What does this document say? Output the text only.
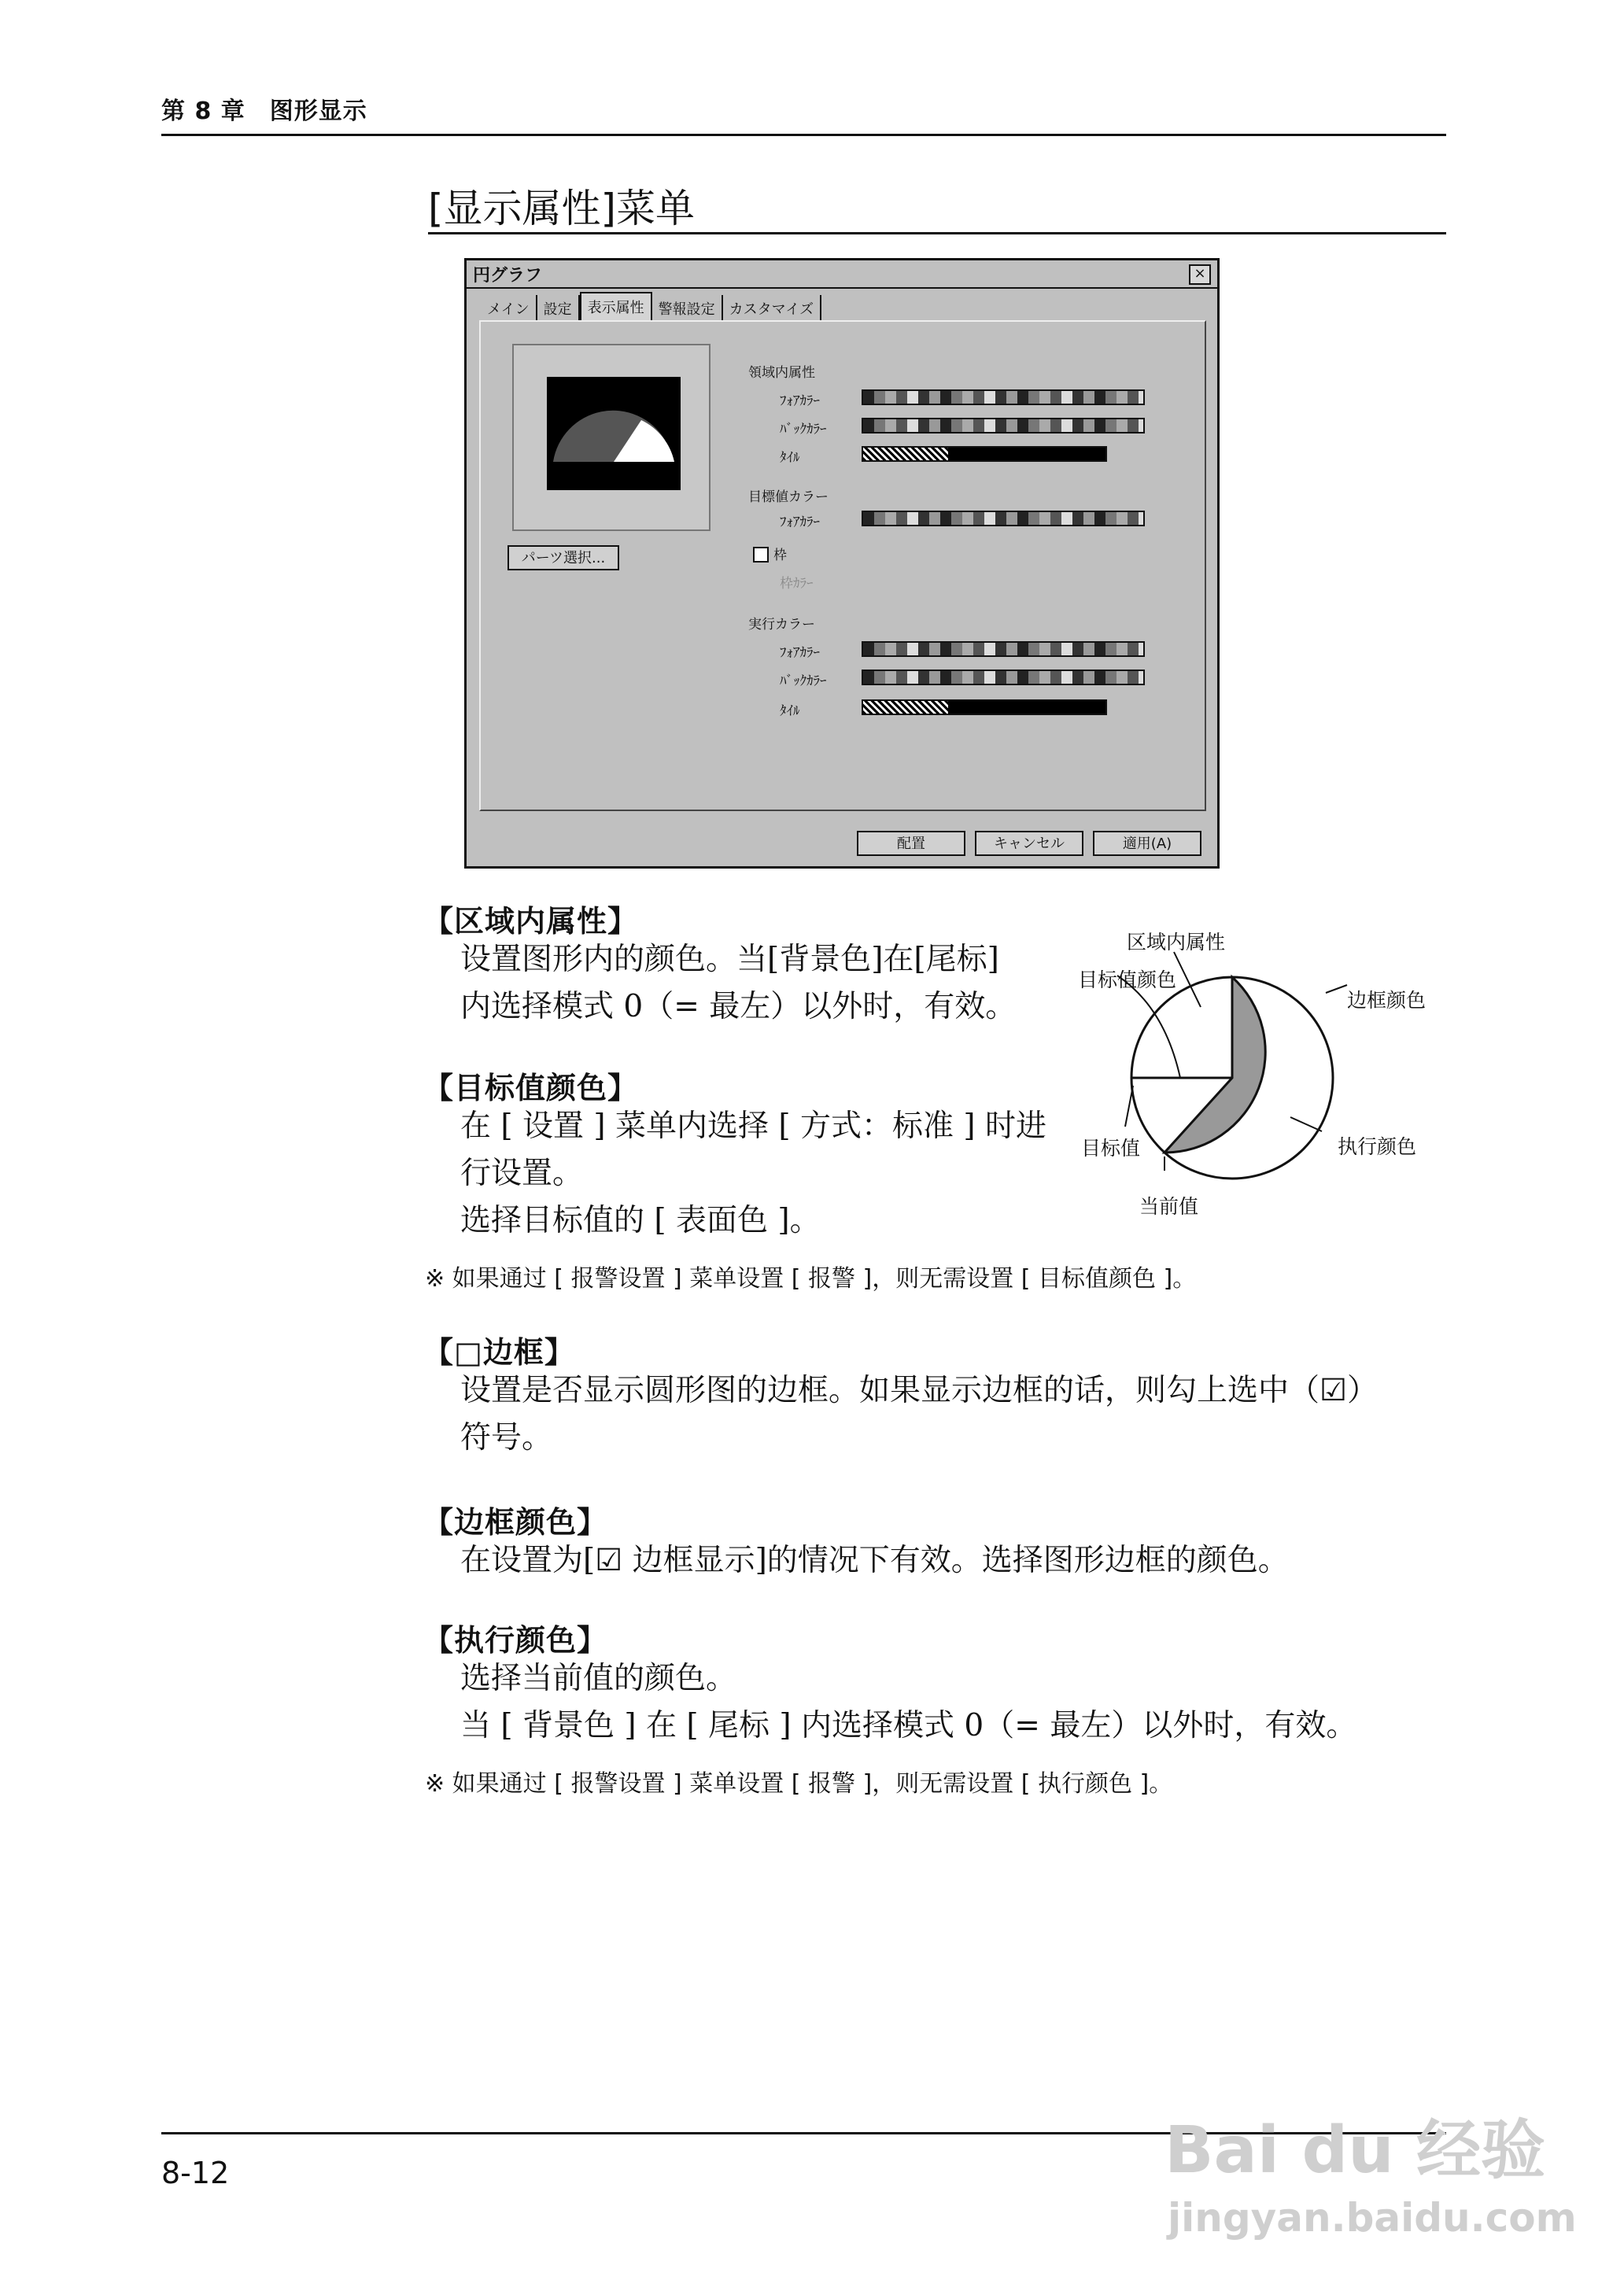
第 8 章　图形显示
[显示属性]菜单
円グラフ	×
メイン	設定	表示属性	警報設定	カスタマイズ
パーツ選択...
領域内属性
ﾌｫｱｶﾗｰ
ﾊﾞｯｸｶﾗｰ
ﾀｲﾙ
目標値カラー
ﾌｫｱｶﾗｰ
枠
枠ｶﾗｰ
実行カラー
ﾌｫｱｶﾗｰ
ﾊﾞｯｸｶﾗｰ
ﾀｲﾙ
配置	キャンセル	適用(A)
【区域内属性】
设置图形内的颜色。当[背景色]在[尾标]
内选择模式 0（= 最左）以外时，有效。
【目标值颜色】
在 [ 设置 ] 菜单内选择 [ 方式：标准 ] 时进
行设置。
选择目标值的 [ 表面色 ]。
※ 如果通过 [ 报警设置 ] 菜单设置 [ 报警 ]，则无需设置 [ 目标值颜色 ]。
【□边框】
设置是否显示圆形图的边框。如果显示边框的话，则勾上选中（☑）
符号。
【边框颜色】
在设置为[☑ 边框显示]的情况下有效。选择图形边框的颜色。
【执行颜色】
选择当前值的颜色。
当 [ 背景色 ] 在 [ 尾标 ] 内选择模式 0（= 最左）以外时，有效。
※ 如果通过 [ 报警设置 ] 菜单设置 [ 报警 ]，则无需设置 [ 执行颜色 ]。
区域内属性
目标值颜色
边框颜色
执行颜色
目标值
当前值
8-12	Bai du 经验
jingyan.baidu.com
